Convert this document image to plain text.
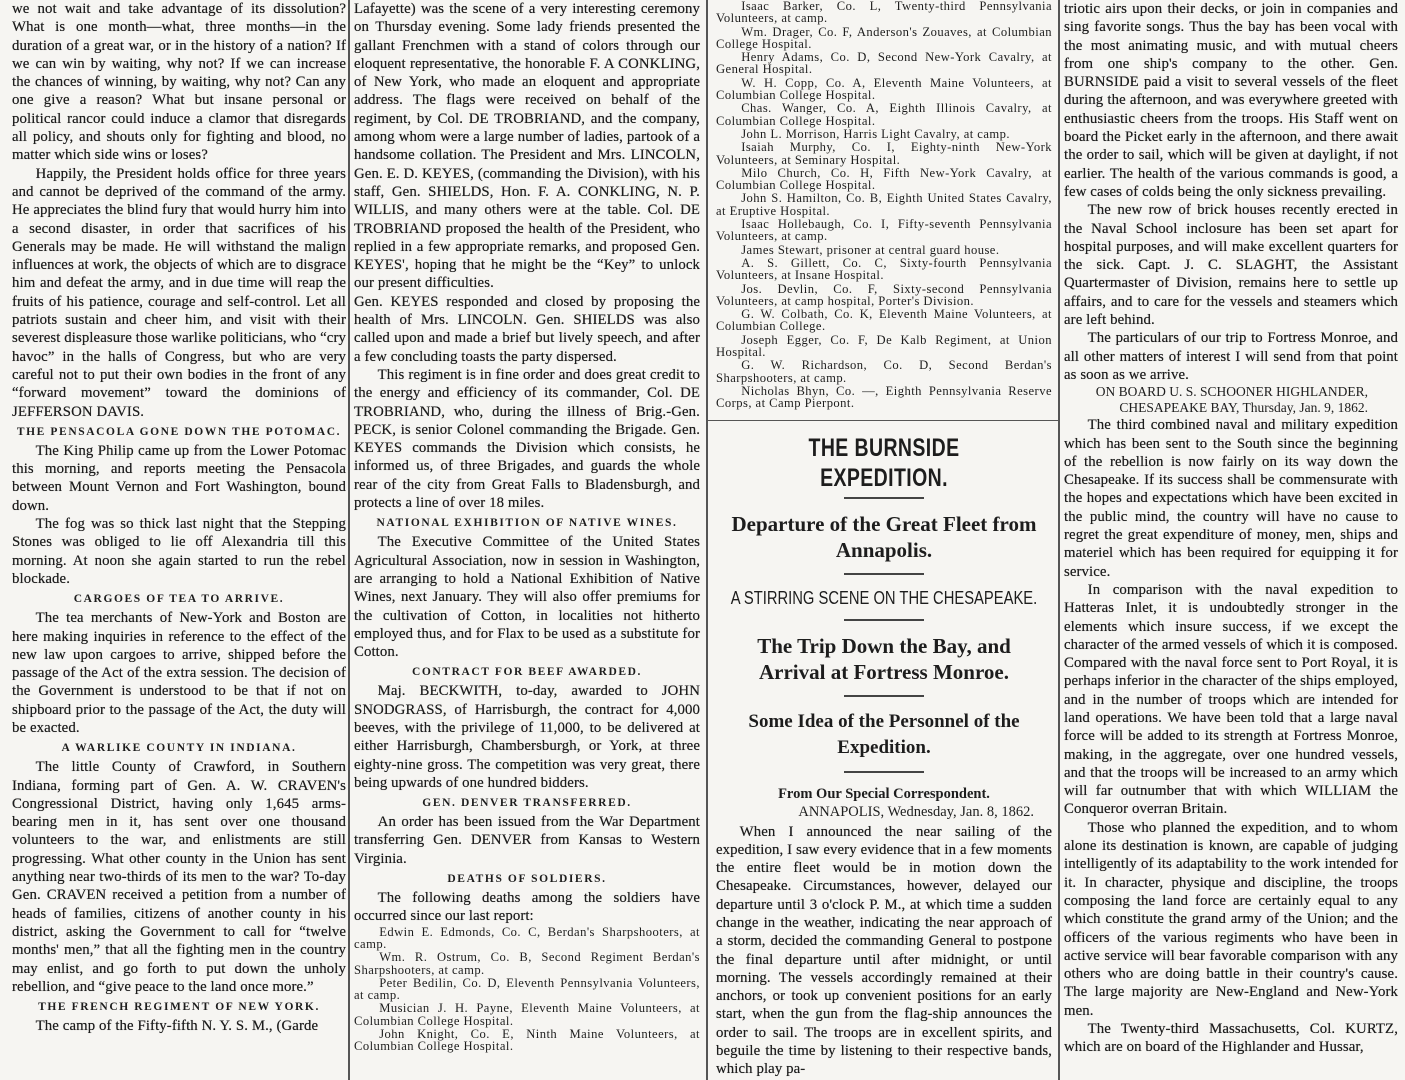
we not wait and take advantage of its dissolution? What is one month—what, three months—in the duration of a great war, or in the history of a nation? If we can win by waiting, why not? If we can increase the chances of winning, by waiting, why not? Can any one give a reason? What but insane personal or political rancor could induce a clamor that disregards all policy, and shouts only for fighting and blood, no matter which side wins or loses?
Happily, the President holds office for three years and cannot be deprived of the command of the army. He appreciates the blind fury that would hurry him into a second disaster, in order that sacrifices of his Generals may be made. He will withstand the malign influences at work, the objects of which are to disgrace him and defeat the army, and in due time will reap the fruits of his patience, courage and self-control. Let all patriots sustain and cheer him, and visit with their severest displeasure those warlike politicians, who “cry havoc” in the halls of Congress, but who are very careful not to put their own bodies in the front of any “forward movement” toward the dominions of JEFFERSON DAVIS.
THE PENSACOLA GONE DOWN THE POTOMAC.
The King Philip came up from the Lower Potomac this morning, and reports meeting the Pensacola between Mount Vernon and Fort Washington, bound down.
The fog was so thick last night that the Stepping Stones was obliged to lie off Alexandria till this morning. At noon she again started to run the rebel blockade.
CARGOES OF TEA TO ARRIVE.
The tea merchants of New-York and Boston are here making inquiries in reference to the effect of the new law upon cargoes to arrive, shipped before the passage of the Act of the extra session. The decision of the Government is understood to be that if not on shipboard prior to the passage of the Act, the duty will be exacted.
A WARLIKE COUNTY IN INDIANA.
The little County of Crawford, in Southern Indiana, forming part of Gen. A. W. CRAVEN's Congressional District, having only 1,645 arms-bearing men in it, has sent over one thousand volunteers to the war, and enlistments are still progressing. What other county in the Union has sent anything near two-thirds of its men to the war? To-day Gen. CRAVEN received a petition from a number of heads of families, citizens of another county in his district, asking the Government to call for “twelve months' men,” that all the fighting men in the country may enlist, and go forth to put down the unholy rebellion, and “give peace to the land once more.”
THE FRENCH REGIMENT OF NEW YORK.
The camp of the Fifty-fifth N. Y. S. M., (Garde
Lafayette) was the scene of a very interesting ceremony on Thursday evening. Some lady friends presented the gallant Frenchmen with a stand of colors through our eloquent representative, the honorable F. A CONKLING, of New York, who made an eloquent and appropriate address. The flags were received on behalf of the regiment, by Col. DE TROBRIAND, and the company, among whom were a large number of ladies, partook of a handsome collation. The President and Mrs. LINCOLN, Gen. E. D. KEYES, (commanding the Division), with his staff, Gen. SHIELDS, Hon. F. A. CONKLING, N. P. WILLIS, and many others were at the table. Col. DE TROBRIAND proposed the health of the President, who replied in a few appropriate remarks, and proposed Gen. KEYES', hoping that he might be the “Key” to unlock our present difficulties.
Gen. KEYES responded and closed by proposing the health of Mrs. LINCOLN. Gen. SHIELDS was also called upon and made a brief but lively speech, and after a few concluding toasts the party dispersed.
This regiment is in fine order and does great credit to the energy and efficiency of its commander, Col. DE TROBRIAND, who, during the illness of Brig.-Gen. PECK, is senior Colonel commanding the Brigade. Gen. KEYES commands the Division which consists, he informed us, of three Brigades, and guards the whole rear of the city from Great Falls to Bladensburgh, and protects a line of over 18 miles.
NATIONAL EXHIBITION OF NATIVE WINES.
The Executive Committee of the United States Agricultural Association, now in session in Washington, are arranging to hold a National Exhibition of Native Wines, next January. They will also offer premiums for the cultivation of Cotton, in localities not hitherto employed thus, and for Flax to be used as a substitute for Cotton.
CONTRACT FOR BEEF AWARDED.
Maj. BECKWITH, to-day, awarded to JOHN SNODGRASS, of Harrisburgh, the contract for 4,000 beeves, with the privilege of 11,000, to be delivered at either Harrisburgh, Chambersburgh, or York, at three eighty-nine gross. The competition was very great, there being upwards of one hundred bidders.
GEN. DENVER TRANSFERRED.
An order has been issued from the War Department transferring Gen. DENVER from Kansas to Western Virginia.
DEATHS OF SOLDIERS.
The following deaths among the soldiers have occurred since our last report:
Edwin E. Edmonds, Co. C, Berdan's Sharpshooters, at camp.
Wm. R. Ostrum, Co. B, Second Regiment Berdan's Sharpshooters, at camp.
Peter Bedilin, Co. D, Eleventh Pennsylvania Volunteers, at camp.
Musician J. H. Payne, Eleventh Maine Volunteers, at Columbian College Hospital.
John Knight, Co. E, Ninth Maine Volunteers, at Columbian College Hospital.
Isaac Barker, Co. L, Twenty-third Pennsylvania Volunteers, at camp.
Wm. Drager, Co. F, Anderson's Zouaves, at Columbian College Hospital.
Henry Adams, Co. D, Second New-York Cavalry, at General Hospital.
W. H. Copp, Co. A, Eleventh Maine Volunteers, at Columbian College Hospital.
Chas. Wanger, Co. A, Eighth Illinois Cavalry, at Columbian College Hospital.
John L. Morrison, Harris Light Cavalry, at camp.
Isaiah Murphy, Co. I, Eighty-ninth New-York Volunteers, at Seminary Hospital.
Milo Church, Co. H, Fifth New-York Cavalry, at Columbian College Hospital.
John S. Hamilton, Co. B, Eighth United States Cavalry, at Eruptive Hospital.
Isaac Hollebaugh, Co. I, Fifty-seventh Pennsylvania Volunteers, at camp.
James Stewart, prisoner at central guard house.
A. S. Gillett, Co. C, Sixty-fourth Pennsylvania Volunteers, at Insane Hospital.
Jos. Devlin, Co. F, Sixty-second Pennsylvania Volunteers, at camp hospital, Porter's Division.
G. W. Colbath, Co. K, Eleventh Maine Volunteers, at Columbian College.
Joseph Egger, Co. F, De Kalb Regiment, at Union Hospital.
G. W. Richardson, Co. D, Second Berdan's Sharpshooters, at camp.
Nicholas Bhyn, Co. —, Eighth Pennsylvania Reserve Corps, at Camp Pierpont.
THE BURNSIDE EXPEDITION.
Departure of the Great Fleet from Annapolis.
A STIRRING SCENE ON THE CHESAPEAKE.
The Trip Down the Bay, and Arrival at Fortress Monroe.
Some Idea of the Personnel of the Expedition.
From Our Special Correspondent.
ANNAPOLIS, Wednesday, Jan. 8, 1862.
When I announced the near sailing of the expedition, I saw every evidence that in a few moments the entire fleet would be in motion down the Chesapeake. Circumstances, however, delayed our departure until 3 o'clock P. M., at which time a sudden change in the weather, indicating the near approach of a storm, decided the commanding General to postpone the final departure until after midnight, or until morning. The vessels accordingly remained at their anchors, or took up convenient positions for an early start, when the gun from the flag-ship announces the order to sail. The troops are in excellent spirits, and beguile the time by listening to their respective bands, which play pa-
triotic airs upon their decks, or join in companies and sing favorite songs. Thus the bay has been vocal with the most animating music, and with mutual cheers from one ship's company to the other. Gen. BURNSIDE paid a visit to several vessels of the fleet during the afternoon, and was everywhere greeted with enthusiastic cheers from the troops. His Staff went on board the Picket early in the afternoon, and there await the order to sail, which will be given at daylight, if not earlier. The health of the various commands is good, a few cases of colds being the only sickness prevailing.
The new row of brick houses recently erected in the Naval School inclosure has been set apart for hospital purposes, and will make excellent quarters for the sick. Capt. J. C. SLAGHT, the Assistant Quartermaster of Division, remains here to settle up affairs, and to care for the vessels and steamers which are left behind.
The particulars of our trip to Fortress Monroe, and all other matters of interest I will send from that point as soon as we arrive.
ON BOARD U. S. SCHOONER HIGHLANDER,
CHESAPEAKE BAY, Thursday, Jan. 9, 1862.
The third combined naval and military expedition which has been sent to the South since the beginning of the rebellion is now fairly on its way down the Chesapeake. If its success shall be commensurate with the hopes and expectations which have been excited in the public mind, the country will have no cause to regret the great expenditure of money, men, ships and materiel which has been required for equipping it for service.
In comparison with the naval expedition to Hatteras Inlet, it is undoubtedly stronger in the elements which insure success, if we except the character of the armed vessels of which it is composed. Compared with the naval force sent to Port Royal, it is perhaps inferior in the character of the ships employed, and in the number of troops which are intended for land operations. We have been told that a large naval force will be added to its strength at Fortress Monroe, making, in the aggregate, over one hundred vessels, and that the troops will be increased to an army which will far outnumber that with which WILLIAM the Conqueror overran Britain.
Those who planned the expedition, and to whom alone its destination is known, are capable of judging intelligently of its adaptability to the work intended for it. In character, physique and discipline, the troops composing the land force are certainly equal to any which constitute the grand army of the Union; and the officers of the various regiments who have been in active service will bear favorable comparison with any others who are doing battle in their country's cause. The large majority are New-England and New-York men.
The Twenty-third Massachusetts, Col. KURTZ, which are on board of the Highlander and Hussar,
